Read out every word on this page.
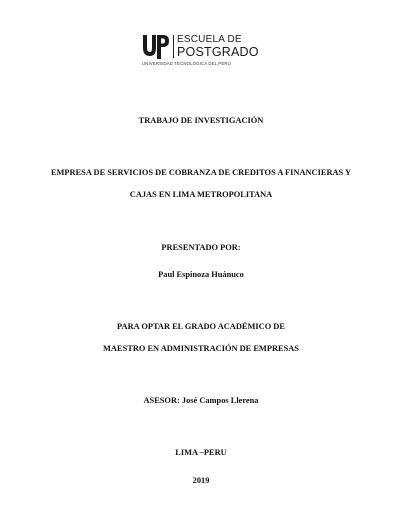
ESCUELA DE
POSTGRADO
UNIVERSIDAD TECNOLÓGICA DEL PERÚ
TRABAJO DE INVESTIGACIÓN
EMPRESA DE SERVICIOS DE COBRANZA DE CREDITOS A FINANCIERAS Y
CAJAS EN LIMA METROPOLITANA
PRESENTADO POR:
Paul Espinoza Huánuco
PARA OPTAR EL GRADO ACADÉMICO DE
MAESTRO EN ADMINISTRACIÓN DE EMPRESAS
ASESOR: José Campos Llerena
LIMA –PERU
2019
